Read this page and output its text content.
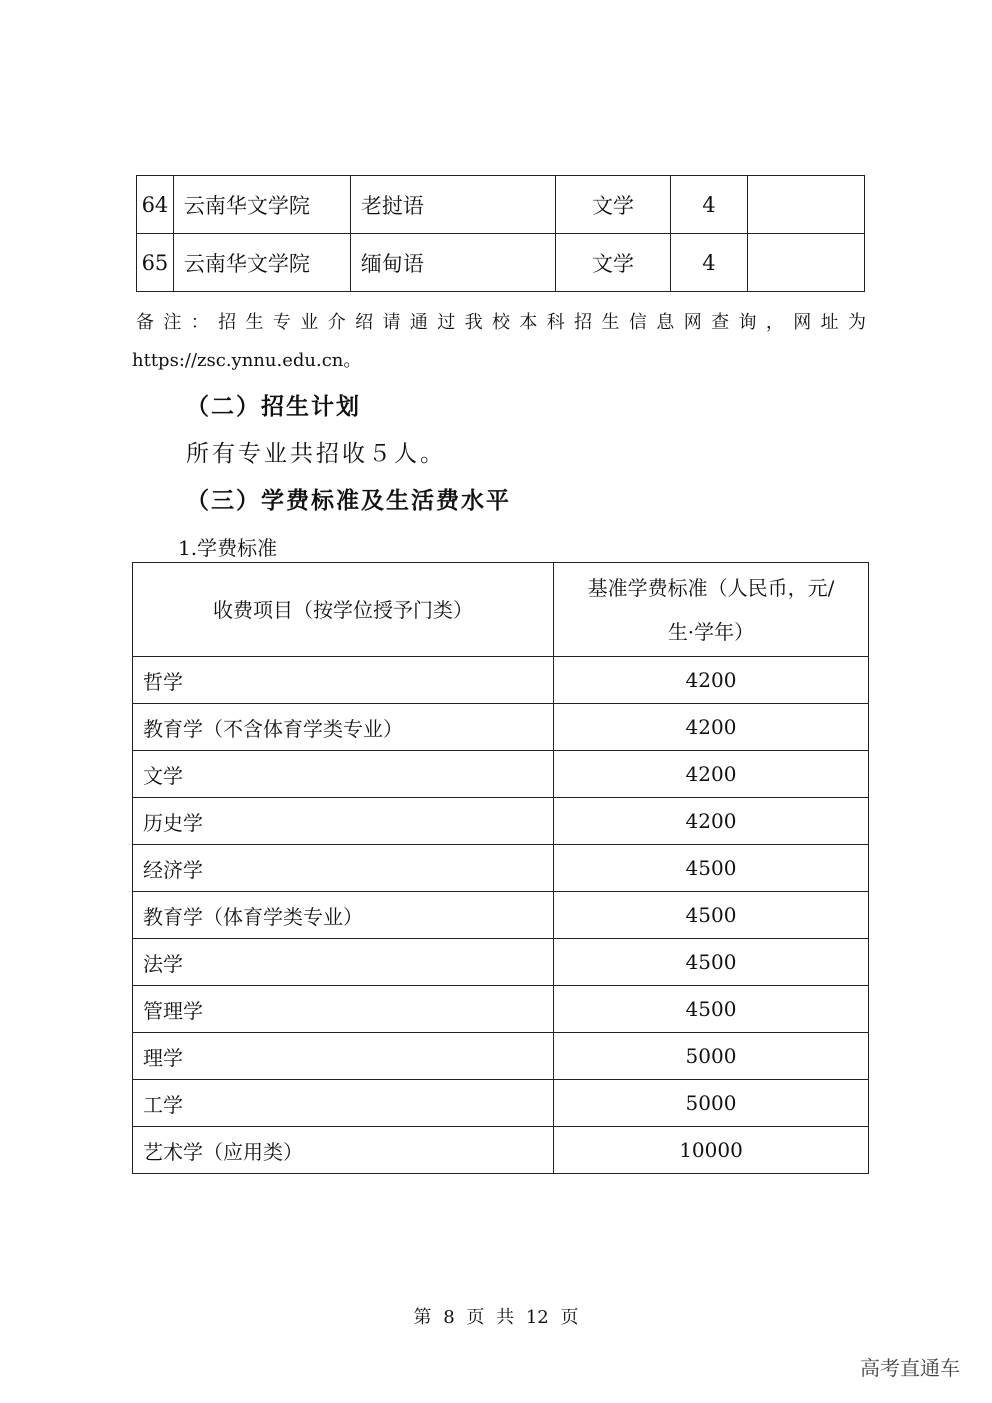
64	云南华文学院	老挝语	文学	4	
65	云南华文学院	缅甸语	文学	4	
备注：招生专业介绍请通过我校本科招生信息网查询，网址为
https://zsc.ynnu.edu.cn。
（二）招生计划
所有专业共招收５人。
（三）学费标准及生活费水平
1.学费标准
收费项目（按学位授予门类）	基准学费标准（人民币，元/
生·学年）
哲学	4200
教育学（不含体育学类专业）	4200
文学	4200
历史学	4200
经济学	4500
教育学（体育学类专业）	4500
法学	4500
管理学	4500
理学	5000
工学	5000
艺术学（应用类）	10000
第 8 页 共 12 页
高考直通车
